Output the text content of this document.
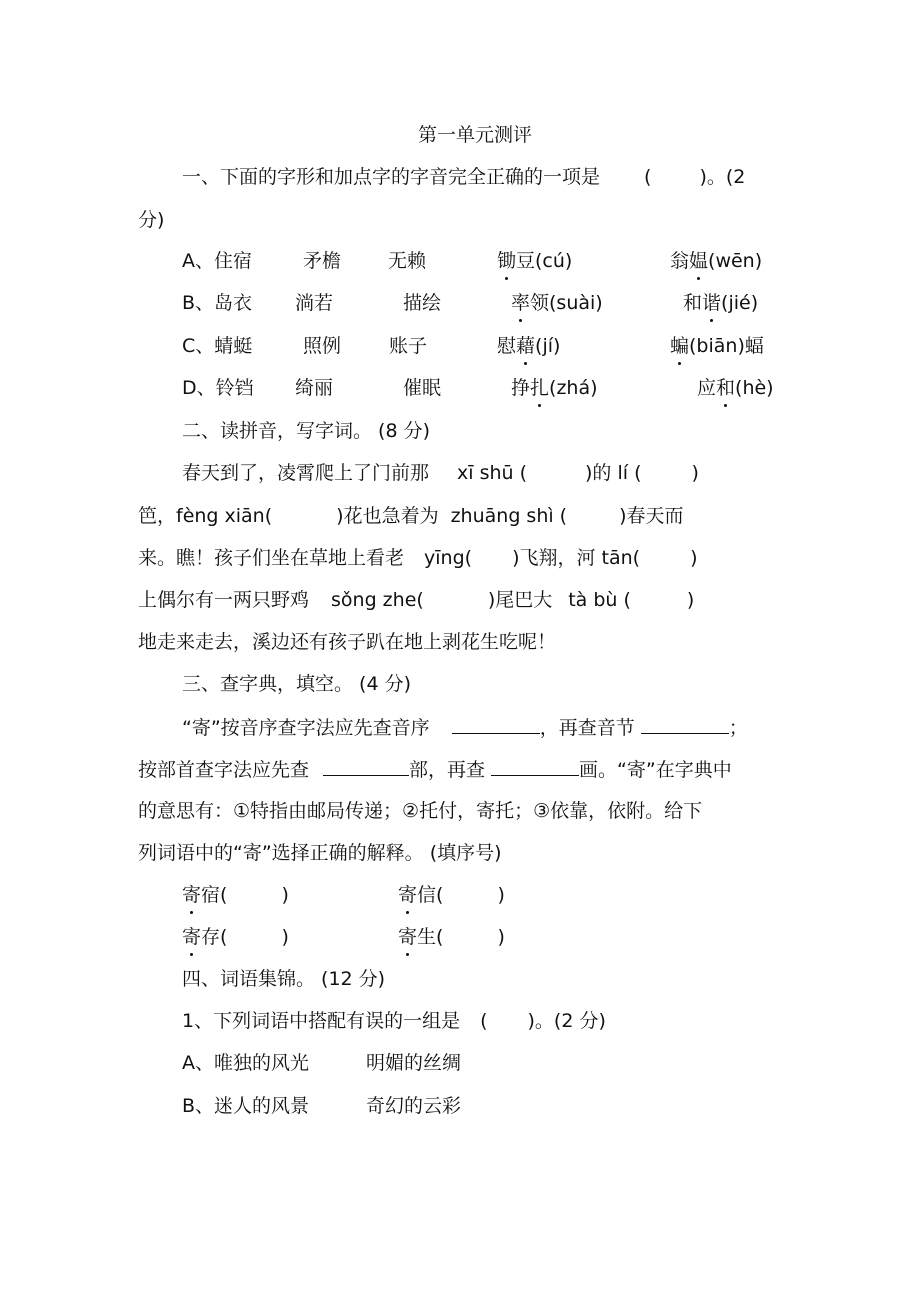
第一单元测评
一、下面的字形和加点字的字音完全正确的一项是 (	)。(2
分)
A、住宿	矛檐 无赖	锄豆(cú)	翁媪(wēn)
B、岛衣 淌若	描绘	率领(suài)	和谐(jié)
C、蜻蜓	照例	账子	慰藉(jí)	蝙(biān)蝠
D、铃铛 绮丽	催眠	挣扎(zhá)	应和(hè)
二、读拼音，写字词。 (8 分)
春天到了，凌霄爬上了门前那 xī shū (	)的 lí (	)
笆，fèng xiān(	)花也急着为 zhuāng shì (	)春天而
来。瞧！孩子们坐在草地上看老 yīng( )飞翔，河 tān(	)
上偶尔有一两只野鸡 sǒng zhe(	)尾巴大 tà bù (	)
地走来走去，溪边还有孩子趴在地上剥花生吃呢！
三、查字典，填空。 (4 分)
“寄”按音序查字法应先查音序	，再查音节	；
按部首查字法应先查	部，再查	画。“寄”在字典中
的意思有：①特指由邮局传递；②托付，寄托；③依靠，依附。给下
列词语中的“寄”选择正确的解释。 (填序号)
寄宿(	)	寄信(	)
寄存(	)	寄生(	)
四、词语集锦。 (12 分)
1、下列词语中搭配有误的一组是 ( )。(2 分)
A、唯独的风光	明媚的丝绸
B、迷人的风景	奇幻的云彩
